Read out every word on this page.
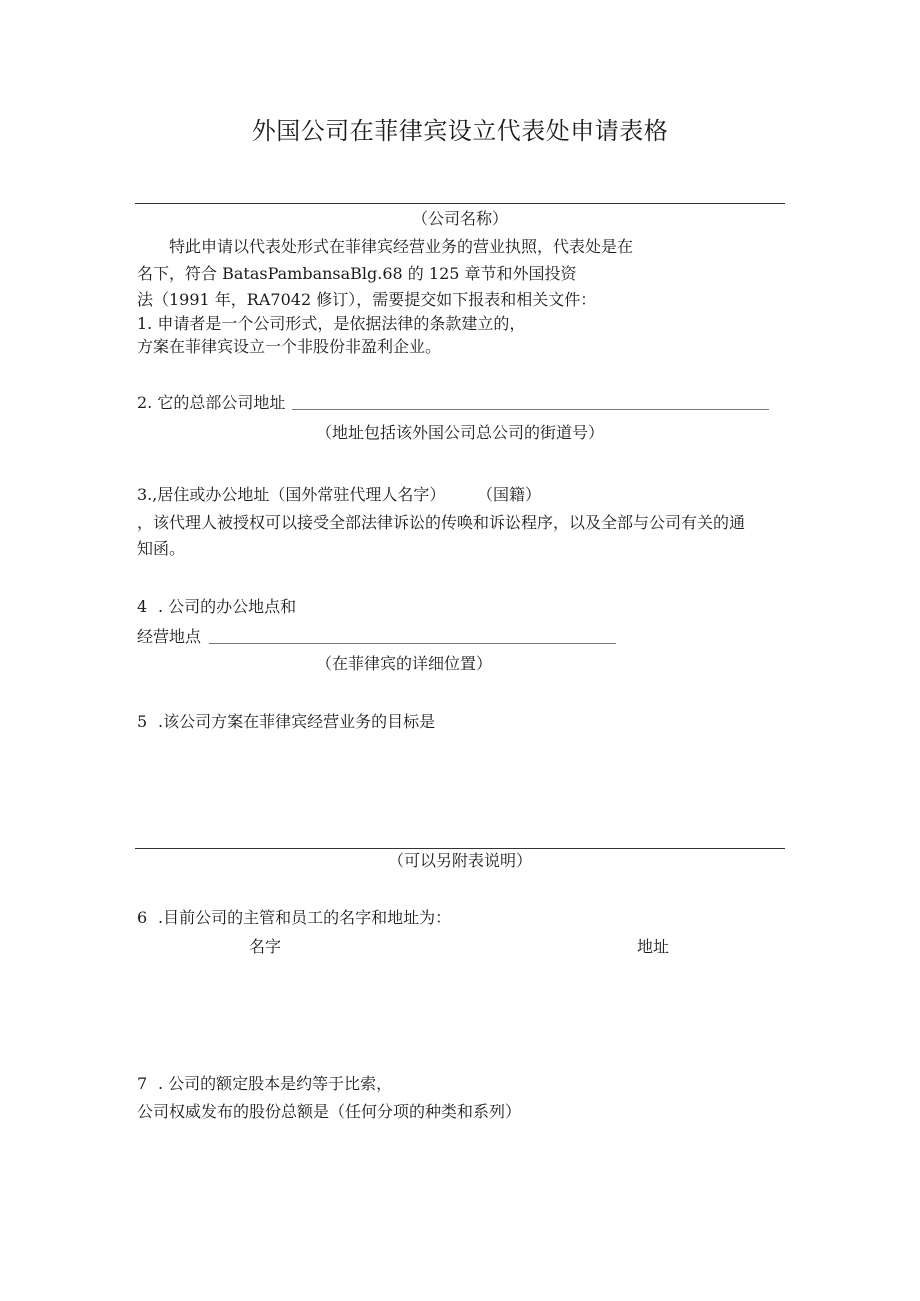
外国公司在菲律宾设立代表处申请表格
（公司名称）
特此申请以代表处形式在菲律宾经营业务的营业执照，代表处是在
名下，符合 BatasPambansaBlg.68 的 125 章节和外国投资
法（1991 年，RA7042 修订），需要提交如下报表和相关文件：
1. 申请者是一个公司形式，是依据法律的条款建立的，
方案在菲律宾设立一个非股份非盈利企业。
2. 它的总部公司地址
（地址包括该外国公司总公司的街道号）
3.,居住或办公地址（国外常驻代理人名字） （国籍）
，该代理人被授权可以接受全部法律诉讼的传唤和诉讼程序，以及全部与公司有关的通
知函。
4 . 公司的办公地点和
经营地点
（在菲律宾的详细位置）
5 .该公司方案在菲律宾经营业务的目标是
（可以另附表说明）
6 .目前公司的主管和员工的名字和地址为：
名字	地址
7 . 公司的额定股本是约等于比索，
公司权威发布的股份总额是（任何分项的种类和系列）
